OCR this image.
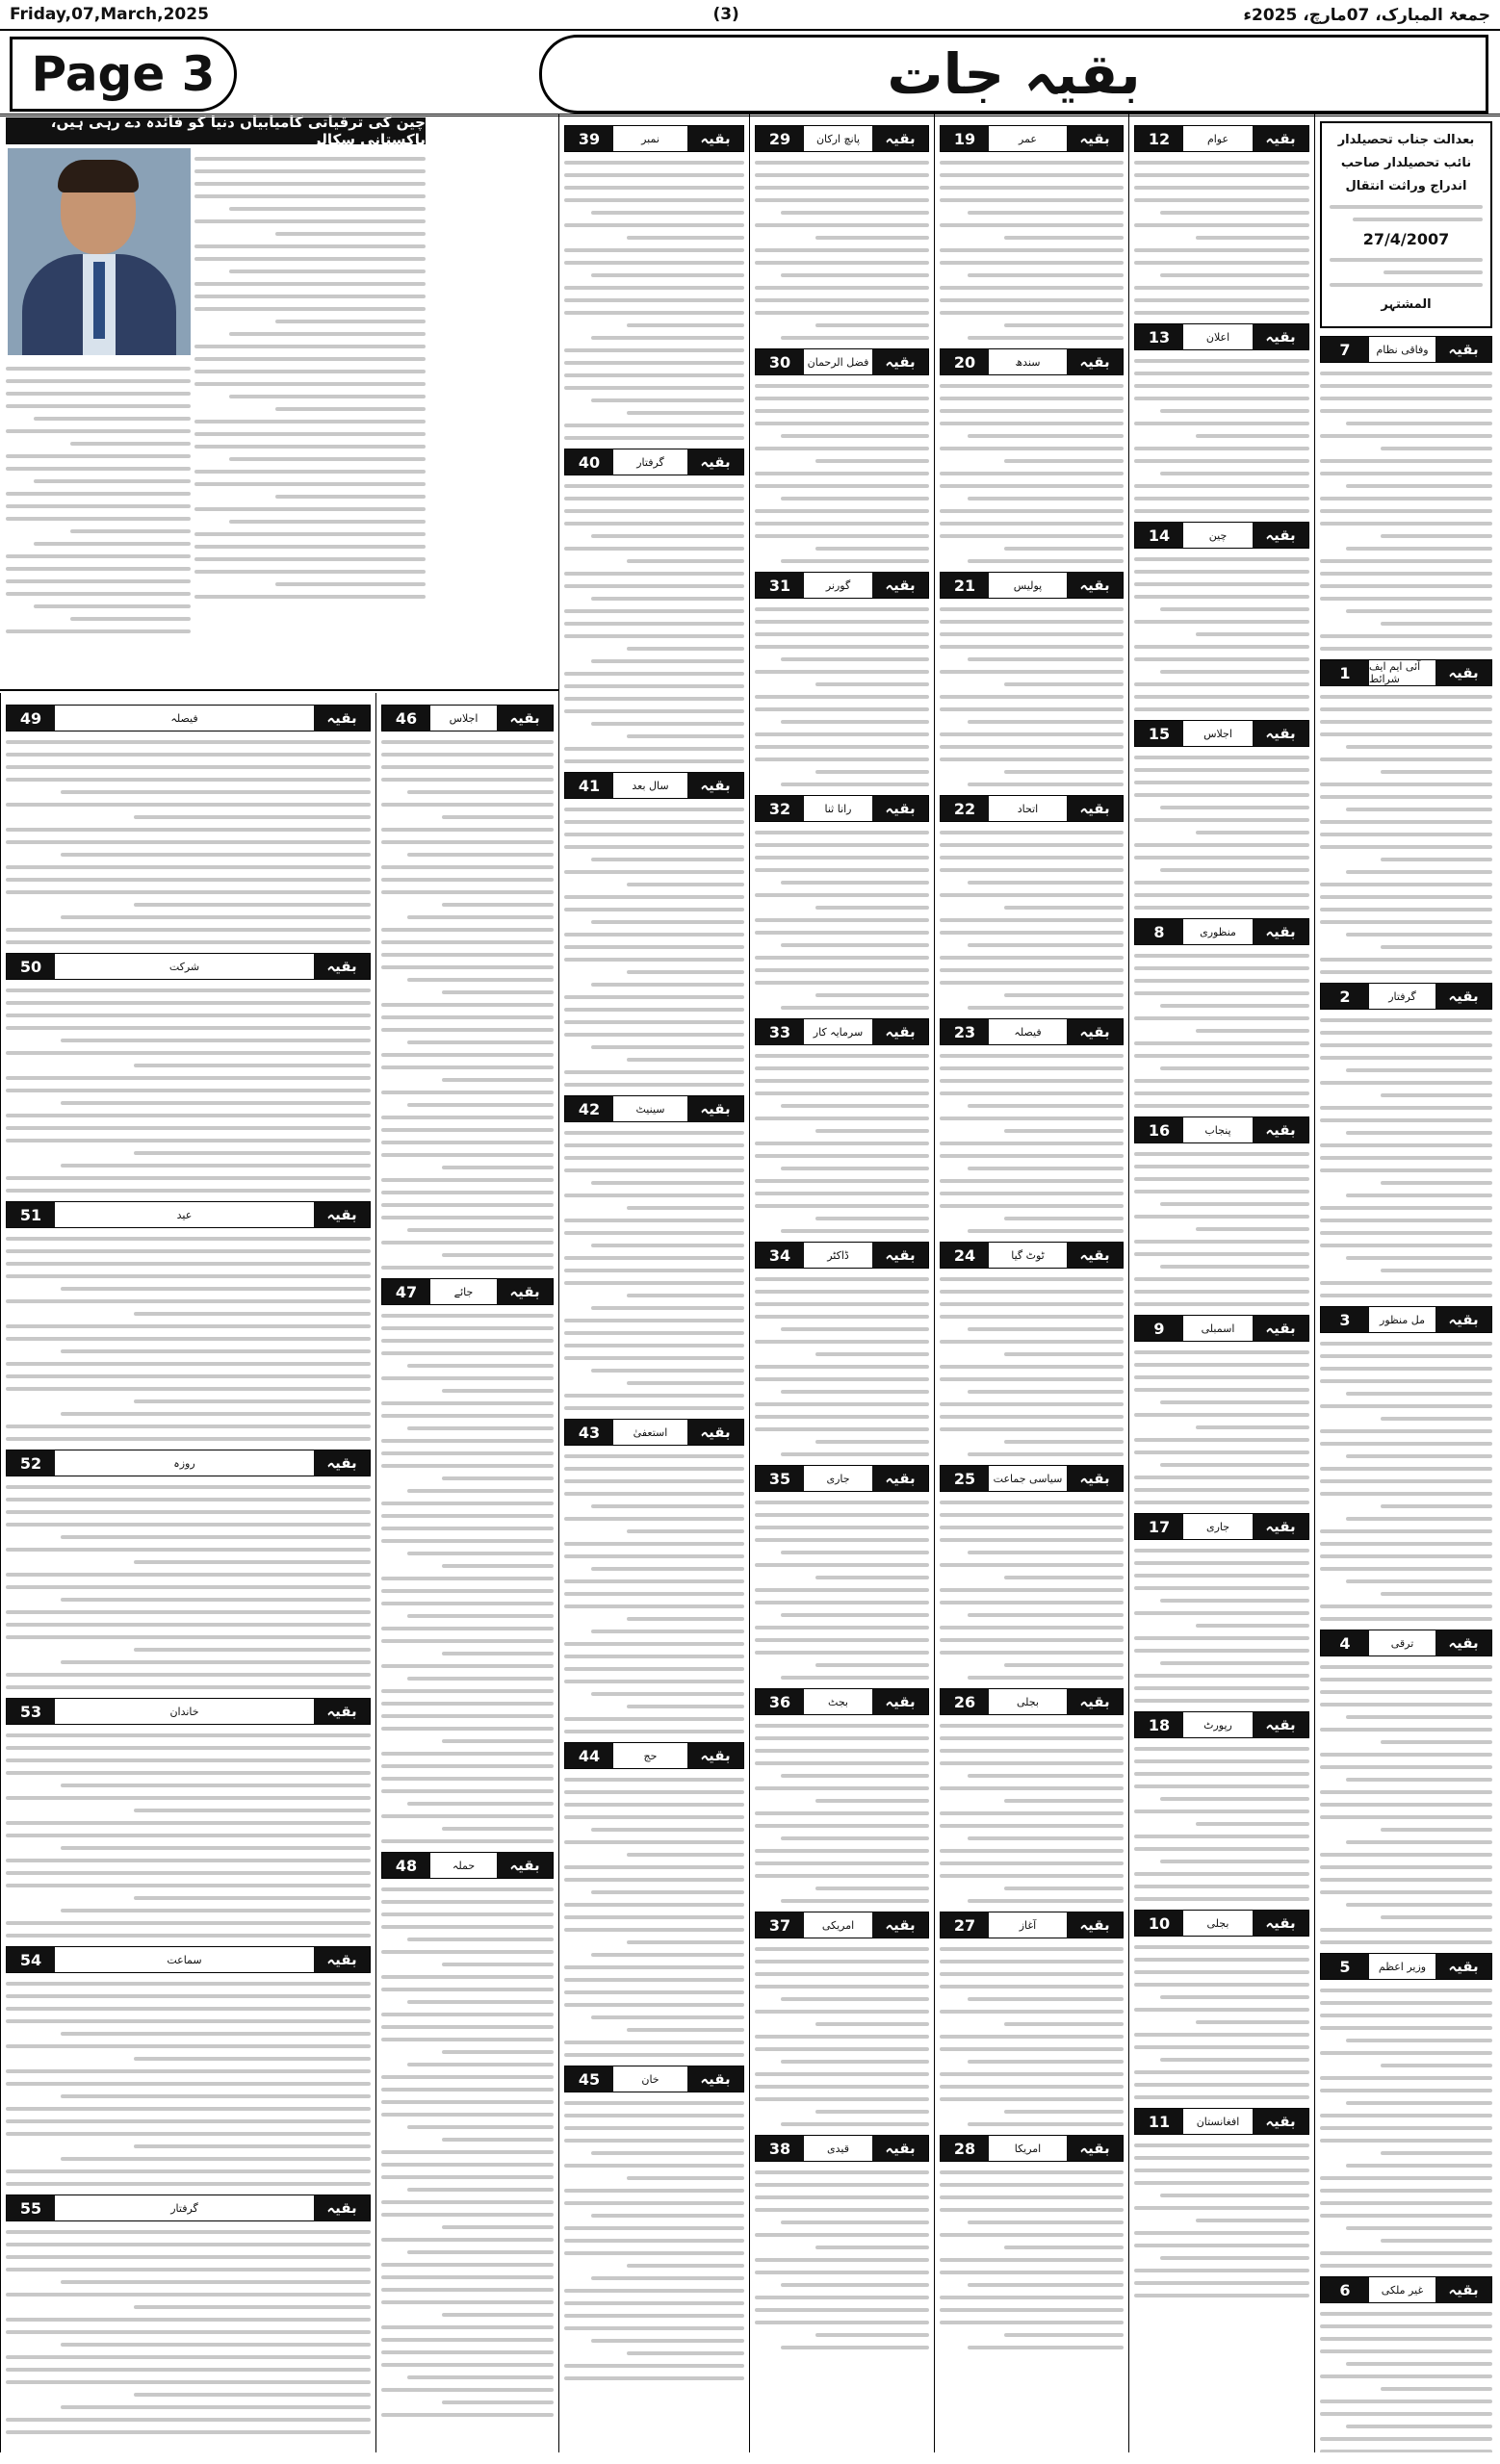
Friday,07,March,2025	(3)	جمعۃ المبارک، 07مارچ، 2025ء
Page 3	بقیہ جات
بعدالت جناب تحصیلدار
نائب تحصیلدار صاحب
اندراج وراثت انتقال
27/4/2007
المشتہر
7	وفاقی نظام	بقیہ
1	آئی ایم ایف شرائط	بقیہ
2	گرفتار	بقیہ
3	مل منظور	بقیہ
4	ترقی	بقیہ
5	وزیر اعظم	بقیہ
6	غیر ملکی	بقیہ
12	عوام	بقیہ
13	اعلان	بقیہ
14	چین	بقیہ
15	اجلاس	بقیہ
8	منظوری	بقیہ
16	پنجاب	بقیہ
9	اسمبلی	بقیہ
17	جاری	بقیہ
18	رپورٹ	بقیہ
10	بجلی	بقیہ
11	افغانستان	بقیہ
19	عمر	بقیہ
20	سندھ	بقیہ
21	پولیس	بقیہ
22	اتحاد	بقیہ
23	فیصلہ	بقیہ
24	ٹوٹ گیا	بقیہ
25	سیاسی جماعت	بقیہ
26	بجلی	بقیہ
27	آغاز	بقیہ
28	امریکا	بقیہ
29	پانچ ارکان	بقیہ
30	فضل الرحمان	بقیہ
31	گورنر	بقیہ
32	رانا ثنا	بقیہ
33	سرمایہ کار	بقیہ
34	ڈاکٹر	بقیہ
35	جاری	بقیہ
36	بجٹ	بقیہ
37	امریکی	بقیہ
38	قیدی	بقیہ
39	نمبر	بقیہ
40	گرفتار	بقیہ
41	سال بعد	بقیہ
42	سینیٹ	بقیہ
43	استعفیٰ	بقیہ
44	حج	بقیہ
45	خان	بقیہ
46	اجلاس	بقیہ
47	جائے	بقیہ
48	حملہ	بقیہ
49	فیصلہ	بقیہ
50	شرکت	بقیہ
51	عید	بقیہ
52	روزہ	بقیہ
53	خاندان	بقیہ
54	سماعت	بقیہ
55	گرفتار	بقیہ
چین کی ترقیاتی کامیابیاں دنیا کو فائدہ دے رہی ہیں، پاکستانی سکالر
